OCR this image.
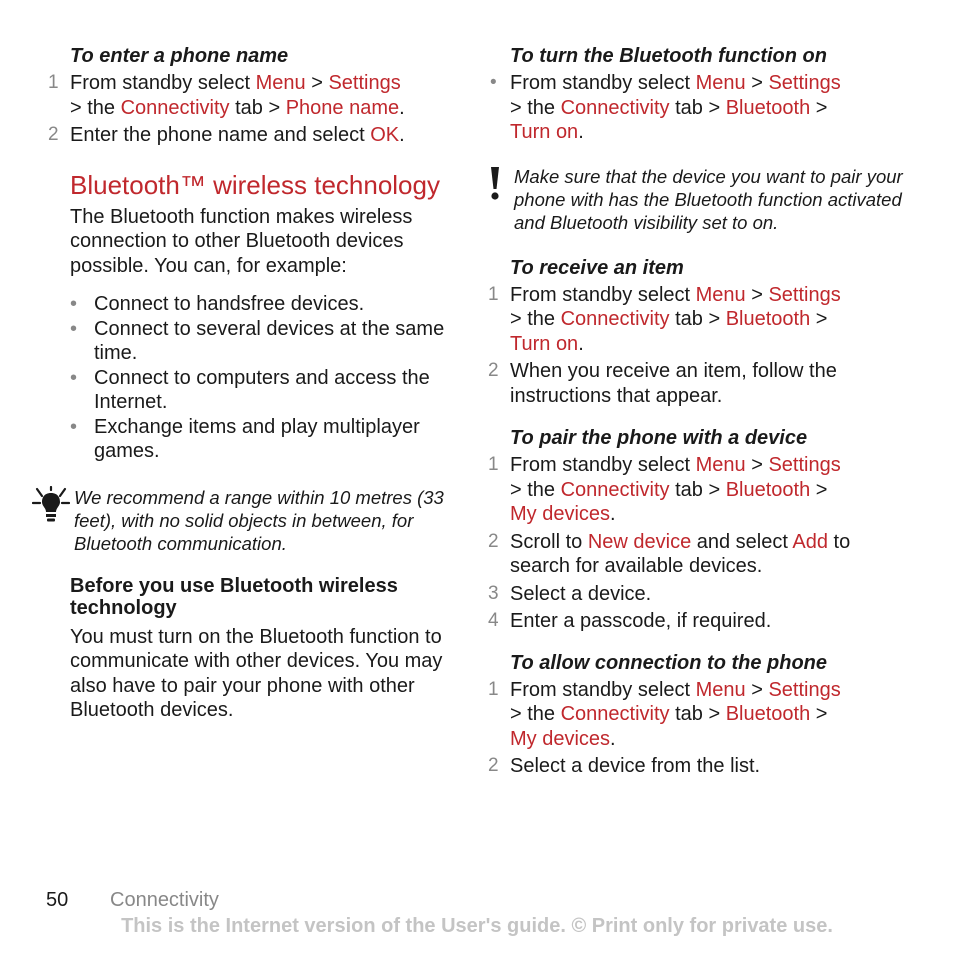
To enter a phone name
1 From standby select Menu > Settings
> the Connectivity tab > Phone name.
2 Enter the phone name and select OK.
Bluetooth™ wireless technology

The Bluetooth function makes wireless connection to other Bluetooth devices possible. You can, for example:

• Connect to handsfree devices.
• Connect to several devices at the same time.
• Connect to computers and access the Internet.
• Exchange items and play multiplayer games.
We recommend a range within 10 metres (33 feet), with no solid objects in between, for Bluetooth communication.
Before you use Bluetooth wireless technology

You must turn on the Bluetooth function to communicate with other devices. You may also have to pair your phone with other Bluetooth devices.

To turn the Bluetooth function on
• From standby select Menu > Settings
> the Connectivity tab > Bluetooth >
Turn on.
Make sure that the device you want to pair your phone with has the Bluetooth function activated and Bluetooth visibility set to on.
To receive an item
1 From standby select Menu > Settings
> the Connectivity tab > Bluetooth >
Turn on.
2 When you receive an item, follow the instructions that appear.
To pair the phone with a device
1 From standby select Menu > Settings
> the Connectivity tab > Bluetooth >
My devices.
2 Scroll to New device and select Add to search for available devices.
3 Select a device.
4 Enter a passcode, if required.
To allow connection to the phone
1 From standby select Menu > Settings
> the Connectivity tab > Bluetooth >
My devices.
2 Select a device from the list.
50 Connectivity
This is the Internet version of the User's guide. © Print only for private use.
